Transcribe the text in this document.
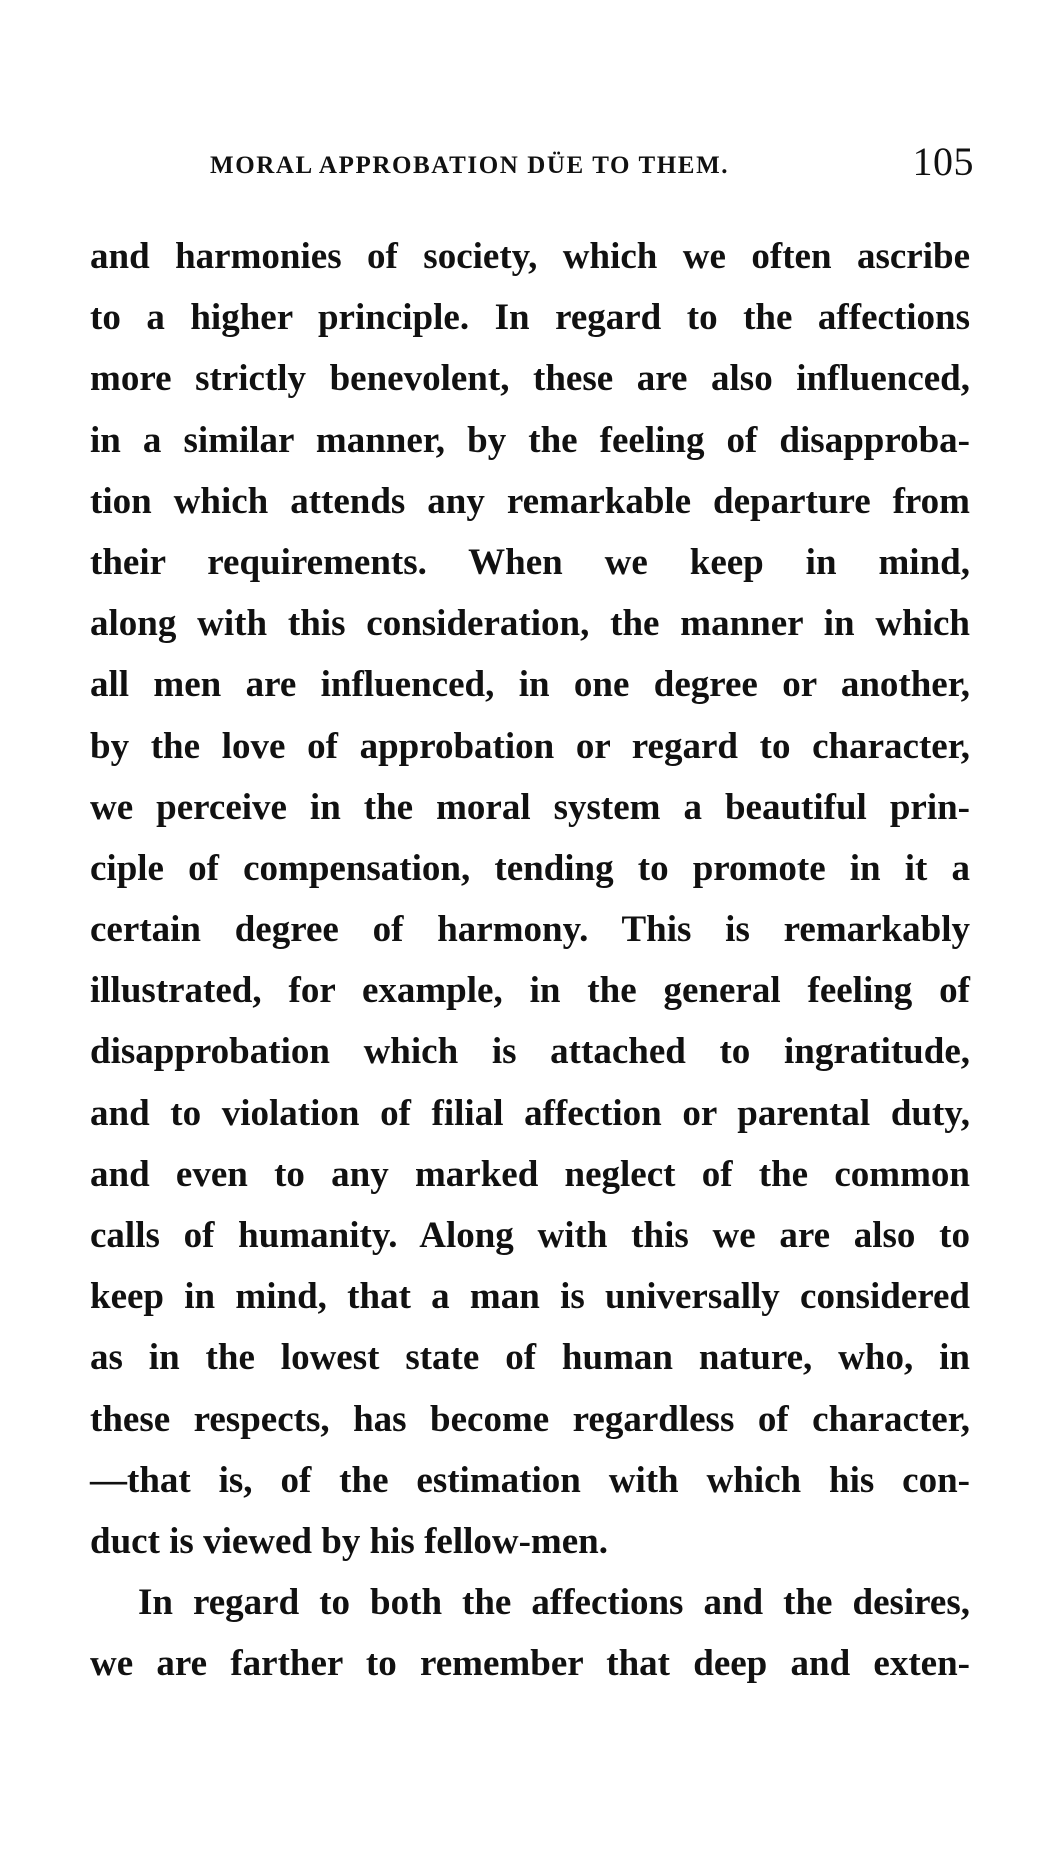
MORAL APPROBATION DÜE TO THEM.	105
and harmonies of society, which we often ascribe
to a higher principle. In regard to the affections
more strictly benevolent, these are also influenced,
in a similar manner, by the feeling of disapproba-
tion which attends any remarkable departure from
their requirements. When we keep in mind,
along with this consideration, the manner in which
all men are influenced, in one degree or another,
by the love of approbation or regard to character,
we perceive in the moral system a beautiful prin-
ciple of compensation, tending to promote in it a
certain degree of harmony. This is remarkably
illustrated, for example, in the general feeling of
disapprobation which is attached to ingratitude,
and to violation of filial affection or parental duty,
and even to any marked neglect of the common
calls of humanity. Along with this we are also to
keep in mind, that a man is universally considered
as in the lowest state of human nature, who, in
these respects, has become regardless of character,
—that is, of the estimation with which his con-
duct is viewed by his fellow-men.
In regard to both the affections and the desires,
we are farther to remember that deep and exten-
